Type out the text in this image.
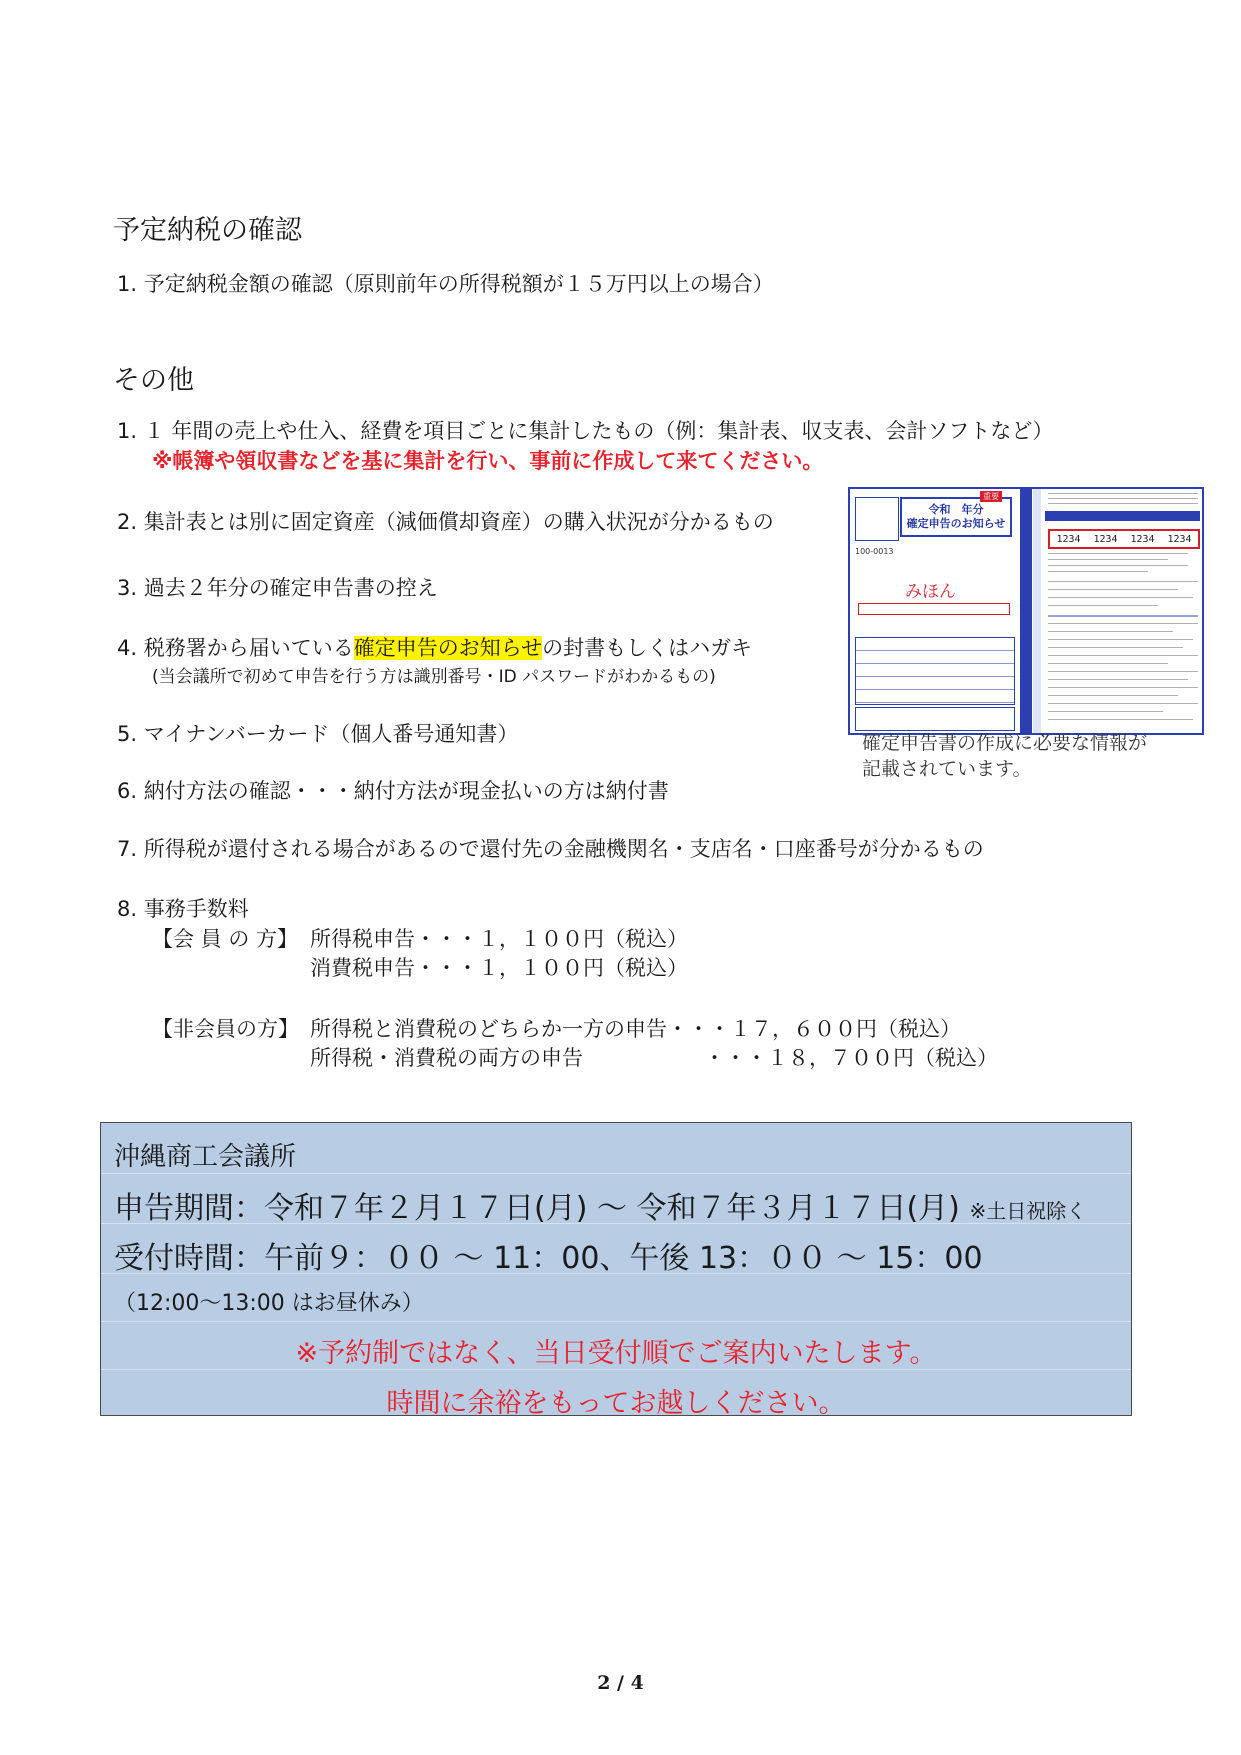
予定納税の確認
1. 予定納税金額の確認（原則前年の所得税額が１５万円以上の場合）
その他
1. １ 年間の売上や仕入、経費を項目ごとに集計したもの（例：集計表、収支表、会計ソフトなど）
※帳簿や領収書などを基に集計を行い、事前に作成して来てください。
2. 集計表とは別に固定資産（減価償却資産）の購入状況が分かるもの
3. 過去２年分の確定申告書の控え
4. 税務署から届いている確定申告のお知らせの封書もしくはハガキ
(当会議所で初めて申告を行う方は識別番号・ID パスワードがわかるもの)
5. マイナンバーカード（個人番号通知書）
6. 納付方法の確認・・・納付方法が現金払いの方は納付書
7. 所得税が還付される場合があるので還付先の金融機関名・支店名・口座番号が分かるもの
8. 事務手数料
【会 員 の 方】 所得税申告・・・１，１００円（税込）
消費税申告・・・１，１００円（税込）
【非会員の方】 所得税と消費税のどちらか一方の申告・・・１７，６００円（税込）
所得税・消費税の両方の申告	・・・１８，７００円（税込）
令和　年分
確定申告のお知らせ
重要
100-0013
みほん
1234 1234 1234 1234
確定申告書の作成に必要な情報が
記載されています。
沖縄商工会議所
申告期間：令和７年２月１７日(月) ～ 令和７年３月１７日(月) ※土日祝除く
受付時間：午前９：００ ～ 11：00、午後 13：００ ～ 15：00
（12:00～13:00 はお昼休み）
※予約制ではなく、当日受付順でご案内いたします。
時間に余裕をもってお越しください。
2 / 4
